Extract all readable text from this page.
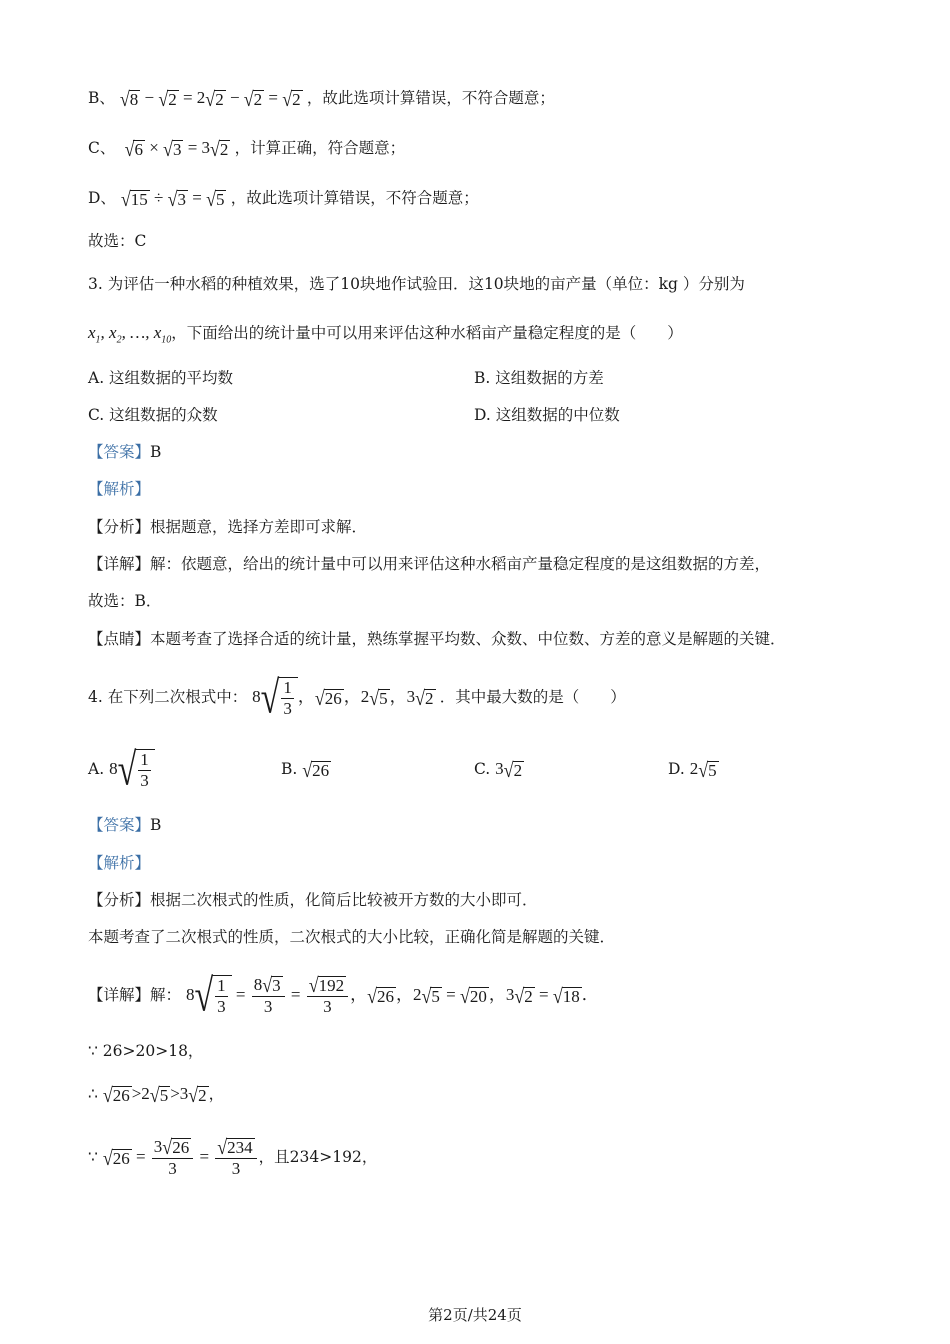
B、 √8 − √2 = 2√2 − √2 = √2 ，故此选项计算错误，不符合题意；
C、 √6 × √3 = 3√2 ，计算正确，符合题意；
D、 √15 ÷ √3 = √5 ，故此选项计算错误，不符合题意；
故选：C
3. 为评估一种水稻的种植效果，选了10块地作试验田．这10块地的亩产量（单位：kg ）分别为
$x_1$, $x_2$, …, $x_{10}$，下面给出的统计量中可以用来评估这种水稻亩产量稳定程度的是（　　）
A. 这组数据的平均数	B. 这组数据的方差
C. 这组数据的众数	D. 这组数据的中位数
【答案】B
【解析】
【分析】根据题意，选择方差即可求解．
【详解】解：依题意，给出的统计量中可以用来评估这种水稻亩产量稳定程度的是这组数据的方差，
故选：B．
【点睛】本题考查了选择合适的统计量，熟练掌握平均数、众数、中位数、方差的意义是解题的关键．
4. 在下列二次根式中： $8√ \frac{1}{3}$ ，√26 ，2√5 ，3√2 ．其中最大数的是（　　）
A. $8√ \frac{1}{3}$	B. √26	C. 3√2	D. 2√5
【答案】B
【解析】
【分析】根据二次根式的性质，化简后比较被开方数的大小即可．
本题考查了二次根式的性质，二次根式的大小比较，正确化简是解题的关键．
【详解】解： $8√ \frac{1}{3} = \frac{8√3}{3} = \frac{√192}{3}$ ，√26 ，2√5 = √20 ，3√2 = √18 ．
∵ 26>20>18，
∴ √26 >2√5 >3√2 ，
∵ $√26 = \frac{3√26}{3} = \frac{√234}{3}$ ，且234>192，
第2页/共24页
